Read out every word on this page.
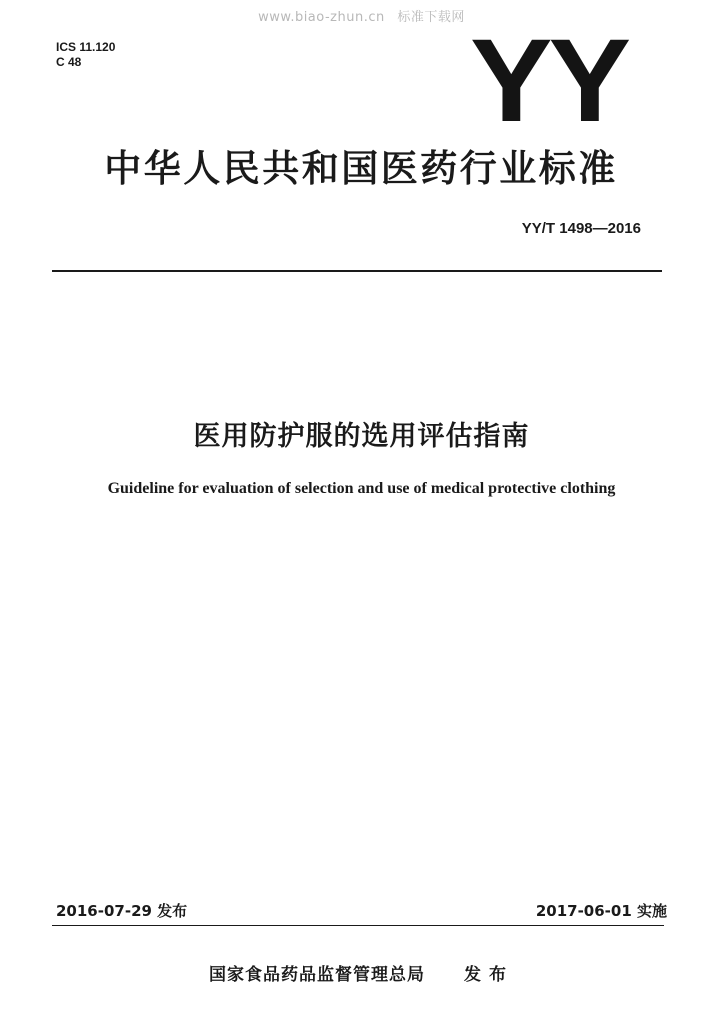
www.biao-zhun.cn 标准下载网
ICS 11.120
C 48	YY
中华人民共和国医药行业标准
YY/T 1498—2016
医用防护服的选用评估指南
Guideline for evaluation of selection and use of medical protective clothing
2016-07-29 发布	2017-06-01 实施
国家食品药品监督管理总局 发布
